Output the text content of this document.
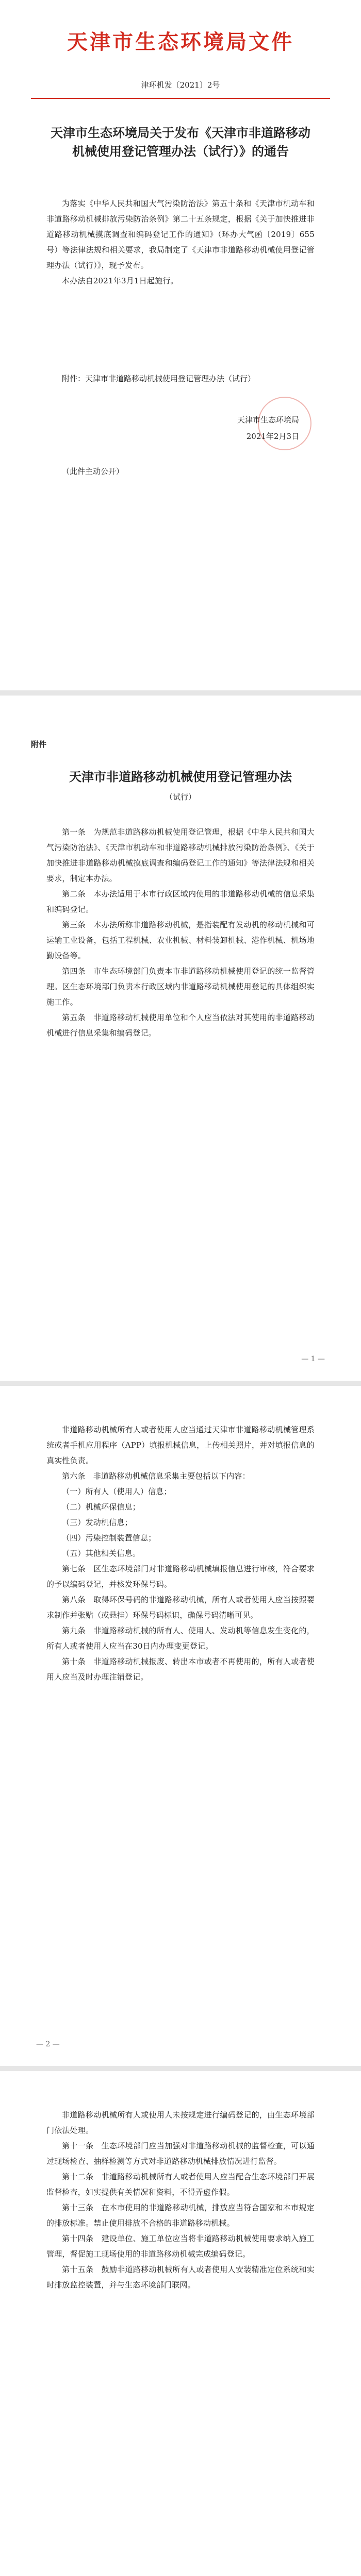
天津市生态环境局文件
津环机发〔2021〕2号
天津市生态环境局关于发布《天津市非道路移动机械使用登记管理办法（试行）》的通告

为落实《中华人民共和国大气污染防治法》第五十条和《天津市机动车和非道路移动机械排放污染防治条例》第二十五条规定，根据《关于加快推进非道路移动机械摸底调查和编码登记工作的通知》（环办大气函〔2019〕655号）等法律法规和相关要求，我局制定了《天津市非道路移动机械使用登记管理办法（试行）》，现予发布。

本办法自2021年3月1日起施行。

附件：天津市非道路移动机械使用登记管理办法（试行）
天津市生态环境局
2021年2月3日
（此件主动公开）
附件
天津市非道路移动机械使用登记管理办法
（试行）

第一条　为规范非道路移动机械使用登记管理，根据《中华人民共和国大气污染防治法》、《天津市机动车和非道路移动机械排放污染防治条例》、《关于加快推进非道路移动机械摸底调查和编码登记工作的通知》等法律法规和相关要求，制定本办法。

第二条　本办法适用于本市行政区域内使用的非道路移动机械的信息采集和编码登记。

第三条　本办法所称非道路移动机械，是指装配有发动机的移动机械和可运输工业设备，包括工程机械、农业机械、材料装卸机械、港作机械、机场地勤设备等。

第四条　市生态环境部门负责本市非道路移动机械使用登记的统一监督管理。区生态环境部门负责本行政区域内非道路移动机械使用登记的具体组织实施工作。

第五条　非道路移动机械使用单位和个人应当依法对其使用的非道路移动机械进行信息采集和编码登记。

— 1 —

非道路移动机械所有人或者使用人应当通过天津市非道路移动机械管理系统或者手机应用程序（APP）填报机械信息，上传相关照片，并对填报信息的真实性负责。

第六条　非道路移动机械信息采集主要包括以下内容：

（一）所有人（使用人）信息；

（二）机械环保信息；

（三）发动机信息；

（四）污染控制装置信息；

（五）其他相关信息。

第七条　区生态环境部门对非道路移动机械填报信息进行审核，符合要求的予以编码登记，并核发环保号码。

第八条　取得环保号码的非道路移动机械，所有人或者使用人应当按照要求制作并张贴（或悬挂）环保号码标识，确保号码清晰可见。

第九条　非道路移动机械的所有人、使用人、发动机等信息发生变化的，所有人或者使用人应当在30日内办理变更登记。

第十条　非道路移动机械报废、转出本市或者不再使用的，所有人或者使用人应当及时办理注销登记。

— 2 —

非道路移动机械所有人或使用人未按规定进行编码登记的，由生态环境部门依法处理。

第十一条　生态环境部门应当加强对非道路移动机械的监督检查，可以通过现场检查、抽样检测等方式对非道路移动机械排放情况进行监督。

第十二条　非道路移动机械所有人或者使用人应当配合生态环境部门开展监督检查，如实提供有关情况和资料，不得弄虚作假。

第十三条　在本市使用的非道路移动机械，排放应当符合国家和本市规定的排放标准。禁止使用排放不合格的非道路移动机械。

第十四条　建设单位、施工单位应当将非道路移动机械使用要求纳入施工管理，督促施工现场使用的非道路移动机械完成编码登记。

第十五条　鼓励非道路移动机械所有人或者使用人安装精准定位系统和实时排放监控装置，并与生态环境部门联网。
